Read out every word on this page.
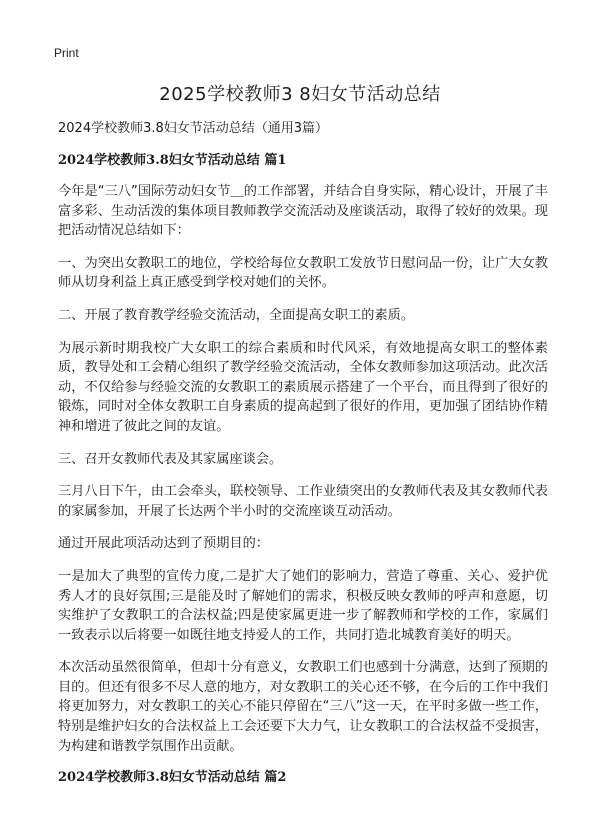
Print
2025学校教师3 8妇女节活动总结
2024学校教师3.8妇女节活动总结（通用3篇）
2024学校教师3.8妇女节活动总结 篇1

今年是“三八”国际劳动妇女节＿的工作部署，并结合自身实际，精心设计，开展了丰富多彩、生动活泼的集体项目教师教学交流活动及座谈活动，取得了较好的效果。现把活动情况总结如下：

一、为突出女教职工的地位，学校给每位女教职工发放节日慰问品一份，让广大女教师从切身利益上真正感受到学校对她们的关怀。

二、开展了教育教学经验交流活动，全面提高女职工的素质。

为展示新时期我校广大女职工的综合素质和时代风采，有效地提高女职工的整体素质，教导处和工会精心组织了教学经验交流活动，全体女教师参加这项活动。此次活动，不仅给参与经验交流的女教职工的素质展示搭建了一个平台，而且得到了很好的锻炼，同时对全体女教职工自身素质的提高起到了很好的作用，更加强了团结协作精神和增进了彼此之间的友谊。

三、召开女教师代表及其家属座谈会。

三月八日下午，由工会牵头，联校领导、工作业绩突出的女教师代表及其女教师代表的家属参加，开展了长达两个半小时的交流座谈互动活动。

通过开展此项活动达到了预期目的：

一是加大了典型的宣传力度,二是扩大了她们的影响力，营造了尊重、关心、爱护优秀人才的良好氛围;三是能及时了解她们的需求，积极反映女教师的呼声和意愿，切实维护了女教职工的合法权益;四是使家属更进一步了解教师和学校的工作，家属们一致表示以后将要一如既往地支持爱人的工作，共同打造北城教育美好的明天。

本次活动虽然很简单，但却十分有意义，女教职工们也感到十分满意，达到了预期的目的。但还有很多不尽人意的地方，对女教职工的关心还不够，在今后的工作中我们将更加努力，对女教职工的关心不能只停留在“三八”这一天，在平时多做一些工作，特别是维护妇女的合法权益上工会还要下大力气，让女教职工的合法权益不受损害，为构建和谐教学氛围作出贡献。

2024学校教师3.8妇女节活动总结 篇2
